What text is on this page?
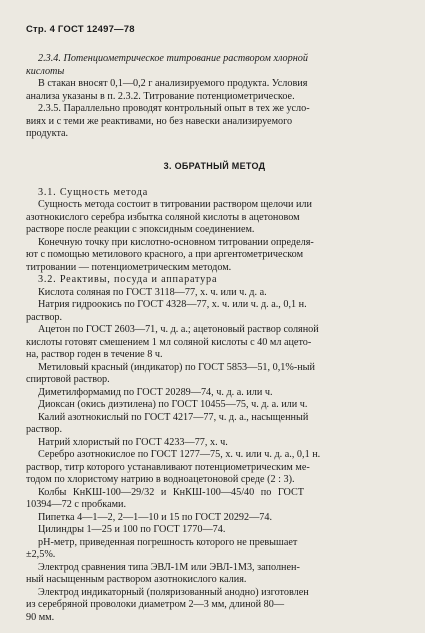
Стр. 4 ГОСТ 12497—78
2.3.4. Потенциометрическое титрование раствором хлорной
кислоты
В стакан вносят 0,1—0,2 г анализируемого продукта. Условия
анализа указаны в п. 2.3.2. Титрование потенциометрическое.
2.3.5. Параллельно проводят контрольный опыт в тех же усло-
виях и с теми же реактивами, но без навески анализируемого
продукта.
3. ОБРАТНЫЙ МЕТОД
3.1. Сущность метода
Сущность метода состоит в титровании раствором щелочи или
азотнокислого серебра избытка соляной кислоты в ацетоновом
растворе после реакции с эпоксидным соединением.
Конечную точку при кислотно-основном титровании определя-
ют с помощью метилового красного, а при аргентометрическом
титровании — потенциометрическим методом.
3.2. Реактивы, посуда и аппаратура
Кислота соляная по ГОСТ 3118—77, х. ч. или ч. д. а.
Натрия гидроокись по ГОСТ 4328—77, х. ч. или ч. д. а., 0,1 н.
раствор.
Ацетон по ГОСТ 2603—71, ч. д. а.; ацетоновый раствор соляной
кислоты готовят смешением 1 мл соляной кислоты с 40 мл ацето-
на, раствор годен в течение 8 ч.
Метиловый красный (индикатор) по ГОСТ 5853—51, 0,1%-ный
спиртовой раствор.
Диметилформамид по ГОСТ 20289—74, ч. д. а. или ч.
Диоксан (окись диэтилена) по ГОСТ 10455—75, ч. д. а. или ч.
Калий азотнокислый по ГОСТ 4217—77, ч. д. а., насыщенный
раствор.
Натрий хлористый по ГОСТ 4233—77, х. ч.
Серебро азотнокислое по ГОСТ 1277—75, х. ч. или ч. д. а., 0,1 н.
раствор, титр которого устанавливают потенциометрическим ме-
тодом по хлористому натрию в водноацетоновой среде (2 : 3).
Колбы КнКШ-100—29/32 и КнКШ-100—45/40 по ГОСТ
10394—72 с пробками.
Пипетка 4—1—2, 2—1—10 и 15 по ГОСТ 20292—74.
Цилиндры 1—25 и 100 по ГОСТ 1770—74.
pH-метр, приведенная погрешность которого не превышает
±2,5%.
Электрод сравнения типа ЭВЛ-1М или ЭВЛ-1М3, заполнен-
ный насыщенным раствором азотнокислого калия.
Электрод индикаторный (поляризованный анодно) изготовлен
из серебряной проволоки диаметром 2—3 мм, длиной 80—
90 мм.
